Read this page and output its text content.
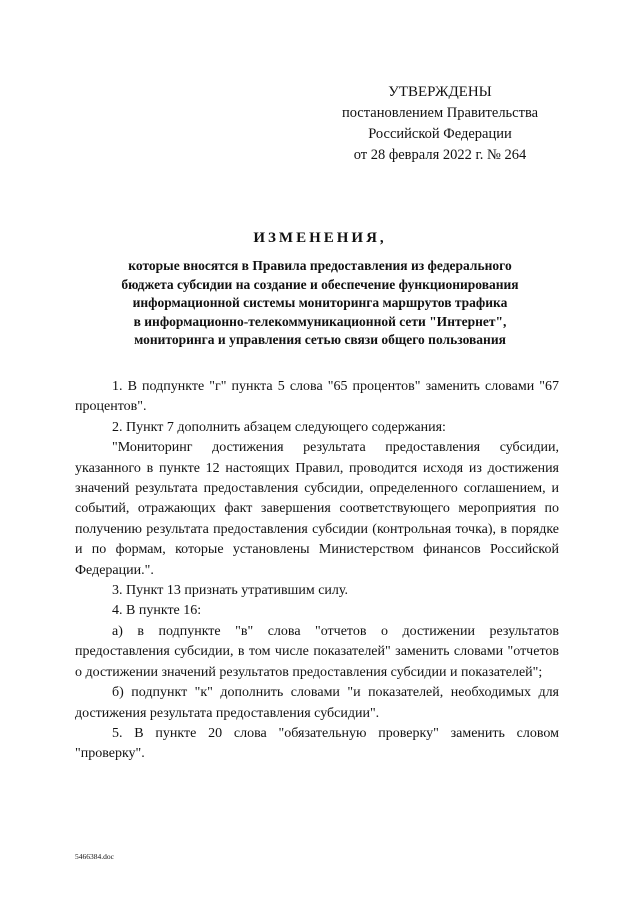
УТВЕРЖДЕНЫ
постановлением Правительства
Российской Федерации
от 28 февраля 2022 г. № 264
ИЗМЕНЕНИЯ,
которые вносятся в Правила предоставления из федерального
бюджета субсидии на создание и обеспечение функционирования
информационной системы мониторинга маршрутов трафика
в информационно-телекоммуникационной сети "Интернет",
мониторинга и управления сетью связи общего пользования

1. В подпункте "г" пункта 5 слова "65 процентов" заменить словами "67 процентов".

2. Пункт 7 дополнить абзацем следующего содержания:

"Мониторинг достижения результата предоставления субсидии, указанного в пункте 12 настоящих Правил, проводится исходя из достижения значений результата предоставления субсидии, определенного соглашением, и событий, отражающих факт завершения соответствующего мероприятия по получению результата предоставления субсидии (контрольная точка), в порядке и по формам, которые установлены Министерством финансов Российской Федерации.".

3. Пункт 13 признать утратившим силу.

4. В пункте 16:

а) в подпункте "в" слова "отчетов о достижении результатов предоставления субсидии, в том числе показателей" заменить словами "отчетов о достижении значений результатов предоставления субсидии и показателей";

б) подпункт "к" дополнить словами "и показателей, необходимых для достижения результата предоставления субсидии".

5. В пункте 20 слова "обязательную проверку" заменить словом "проверку".

5466384.doc
